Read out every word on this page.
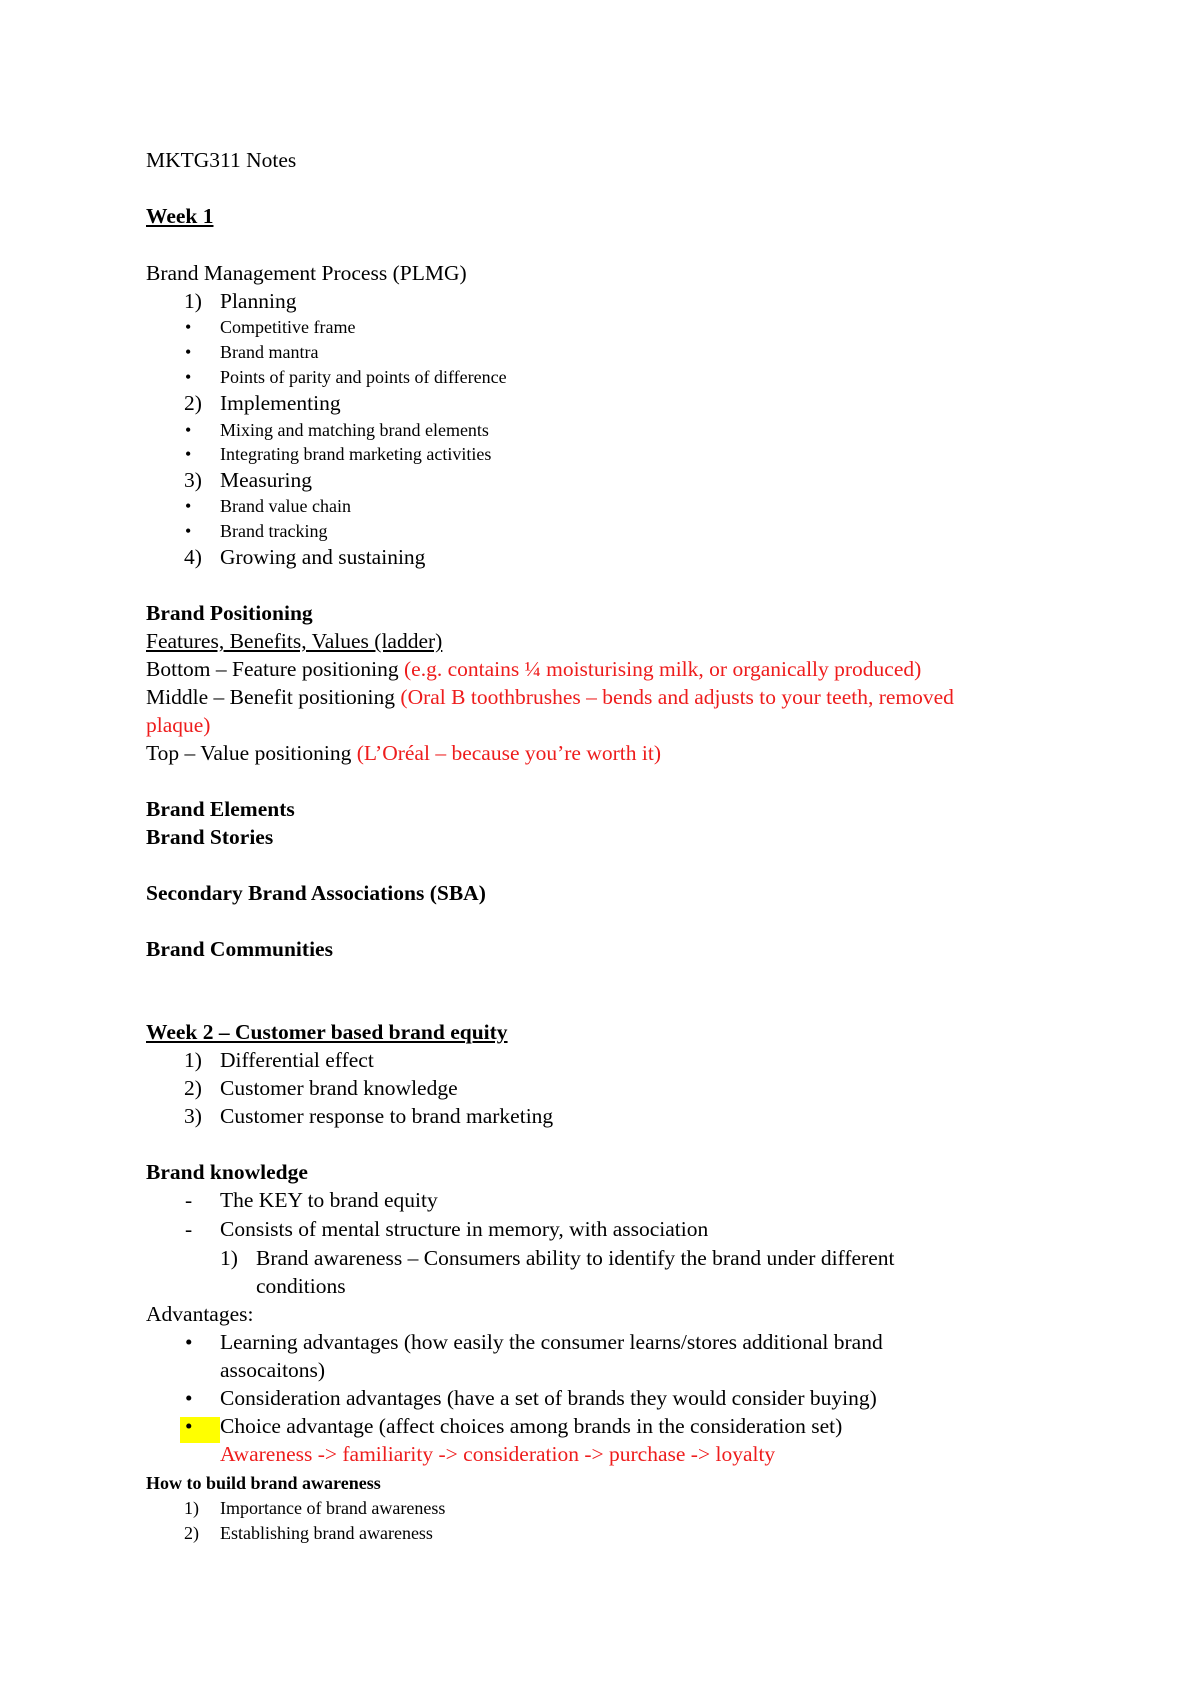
MKTG311 Notes
Week 1
Brand Management Process (PLMG)
1) Planning
• Competitive frame
• Brand mantra
• Points of parity and points of difference
2) Implementing
• Mixing and matching brand elements
• Integrating brand marketing activities
3) Measuring
• Brand value chain
• Brand tracking
4) Growing and sustaining
Brand Positioning
Features, Benefits, Values (ladder)
Bottom – Feature positioning (e.g. contains ¼ moisturising milk, or organically produced)
Middle – Benefit positioning (Oral B toothbrushes – bends and adjusts to your teeth, removed
plaque)
Top – Value positioning (L’Oréal – because you’re worth it)
Brand Elements
Brand Stories
Secondary Brand Associations (SBA)
Brand Communities
Week 2 – Customer based brand equity
1) Differential effect
2) Customer brand knowledge
3) Customer response to brand marketing
Brand knowledge
- The KEY to brand equity
- Consists of mental structure in memory, with association
1) Brand awareness – Consumers ability to identify the brand under different
conditions
Advantages:
• Learning advantages (how easily the consumer learns/stores additional brand
assocaitons)
• Consideration advantages (have a set of brands they would consider buying)
• Choice advantage (affect choices among brands in the consideration set)
Awareness -> familiarity -> consideration -> purchase -> loyalty
How to build brand awareness
1) Importance of brand awareness
2) Establishing brand awareness
